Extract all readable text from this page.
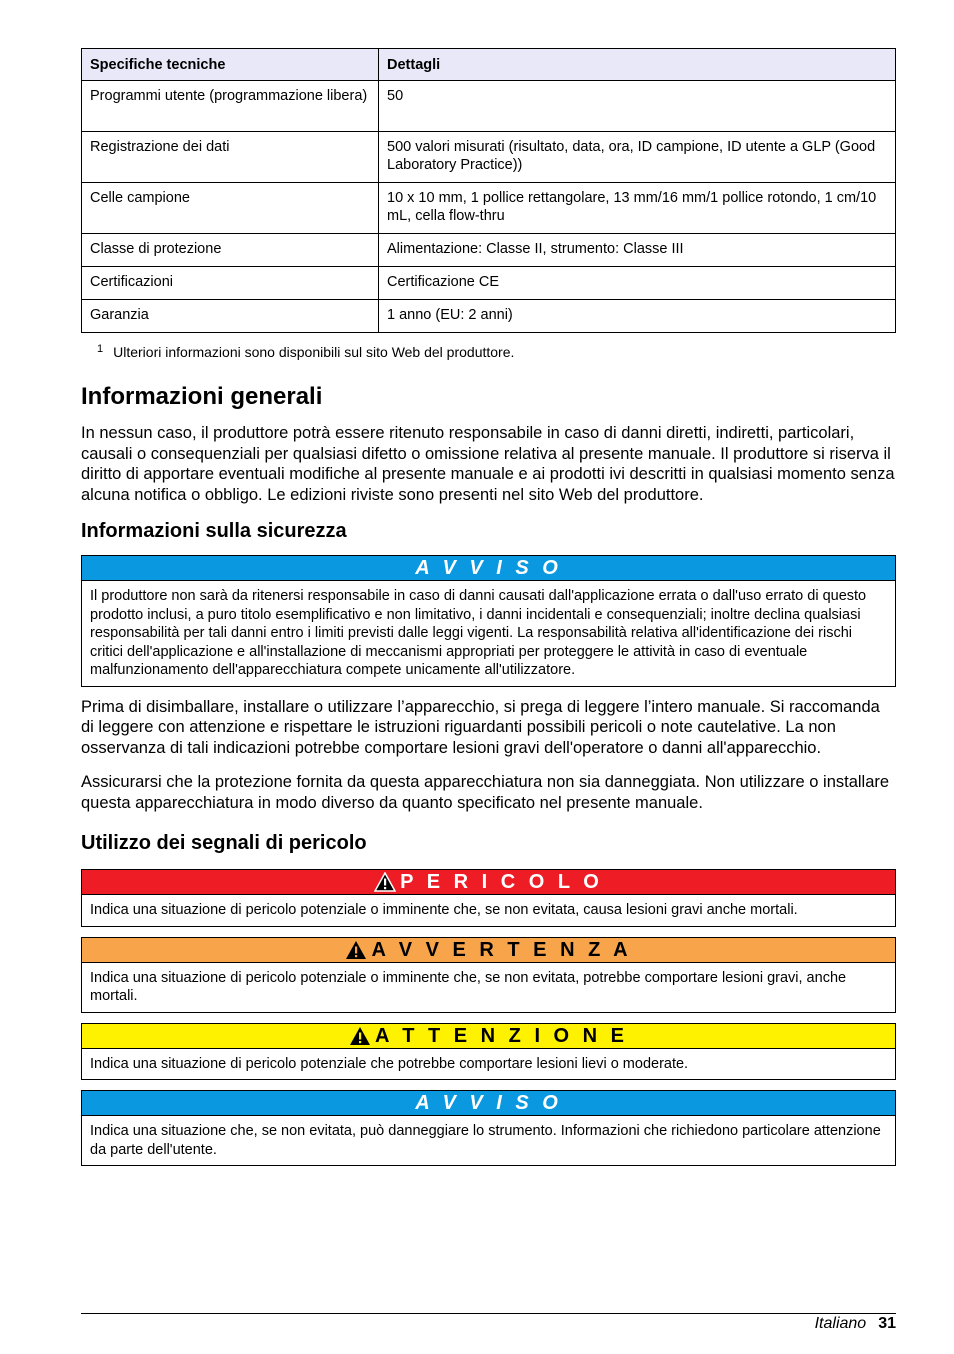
Specifiche tecniche	Dettagli
Programmi utente (programmazione libera)	50
Registrazione dei dati	500 valori misurati (risultato, data, ora, ID campione, ID utente a GLP (Good Laboratory Practice))
Celle campione	10 x 10 mm, 1 pollice rettangolare, 13 mm/16 mm/1 pollice rotondo, 1 cm/10 mL, cella flow-thru
Classe di protezione	Alimentazione: Classe II, strumento: Classe III
Certificazioni	Certificazione CE
Garanzia	1 anno (EU: 2 anni)
$^1$ Ulteriori informazioni sono disponibili sul sito Web del produttore.
Informazioni generali

In nessun caso, il produttore potrà essere ritenuto responsabile in caso di danni diretti, indiretti, particolari, causali o consequenziali per qualsiasi difetto o omissione relativa al presente manuale. Il produttore si riserva il diritto di apportare eventuali modifiche al presente manuale e ai prodotti ivi descritti in qualsiasi momento senza alcuna notifica o obbligo. Le edizioni riviste sono presenti nel sito Web del produttore.

Informazioni sulla sicurezza
A V V I S O
Il produttore non sarà da ritenersi responsabile in caso di danni causati dall'applicazione errata o dall'uso errato di questo prodotto inclusi, a puro titolo esemplificativo e non limitativo, i danni incidentali e consequenziali; inoltre declina qualsiasi responsabilità per tali danni entro i limiti previsti dalle leggi vigenti. La responsabilità relativa all'identificazione dei rischi critici dell'applicazione e all'installazione di meccanismi appropriati per proteggere le attività in caso di eventuale malfunzionamento dell'apparecchiatura compete unicamente all'utilizzatore.

Prima di disimballare, installare o utilizzare l’apparecchio, si prega di leggere l’intero manuale. Si raccomanda di leggere con attenzione e rispettare le istruzioni riguardanti possibili pericoli o note cautelative. La non osservanza di tali indicazioni potrebbe comportare lesioni gravi dell'operatore o danni all'apparecchio.

Assicurarsi che la protezione fornita da questa apparecchiatura non sia danneggiata. Non utilizzare o installare questa apparecchiatura in modo diverso da quanto specificato nel presente manuale.

Utilizzo dei segnali di pericolo
P E R I C O L O
Indica una situazione di pericolo potenziale o imminente che, se non evitata, causa lesioni gravi anche mortali.
A V V E R T E N Z A
Indica una situazione di pericolo potenziale o imminente che, se non evitata, potrebbe comportare lesioni gravi, anche mortali.
A T T E N Z I O N E
Indica una situazione di pericolo potenziale che potrebbe comportare lesioni lievi o moderate.
A V V I S O
Indica una situazione che, se non evitata, può danneggiare lo strumento. Informazioni che richiedono particolare attenzione da parte dell'utente.
Italiano 31
